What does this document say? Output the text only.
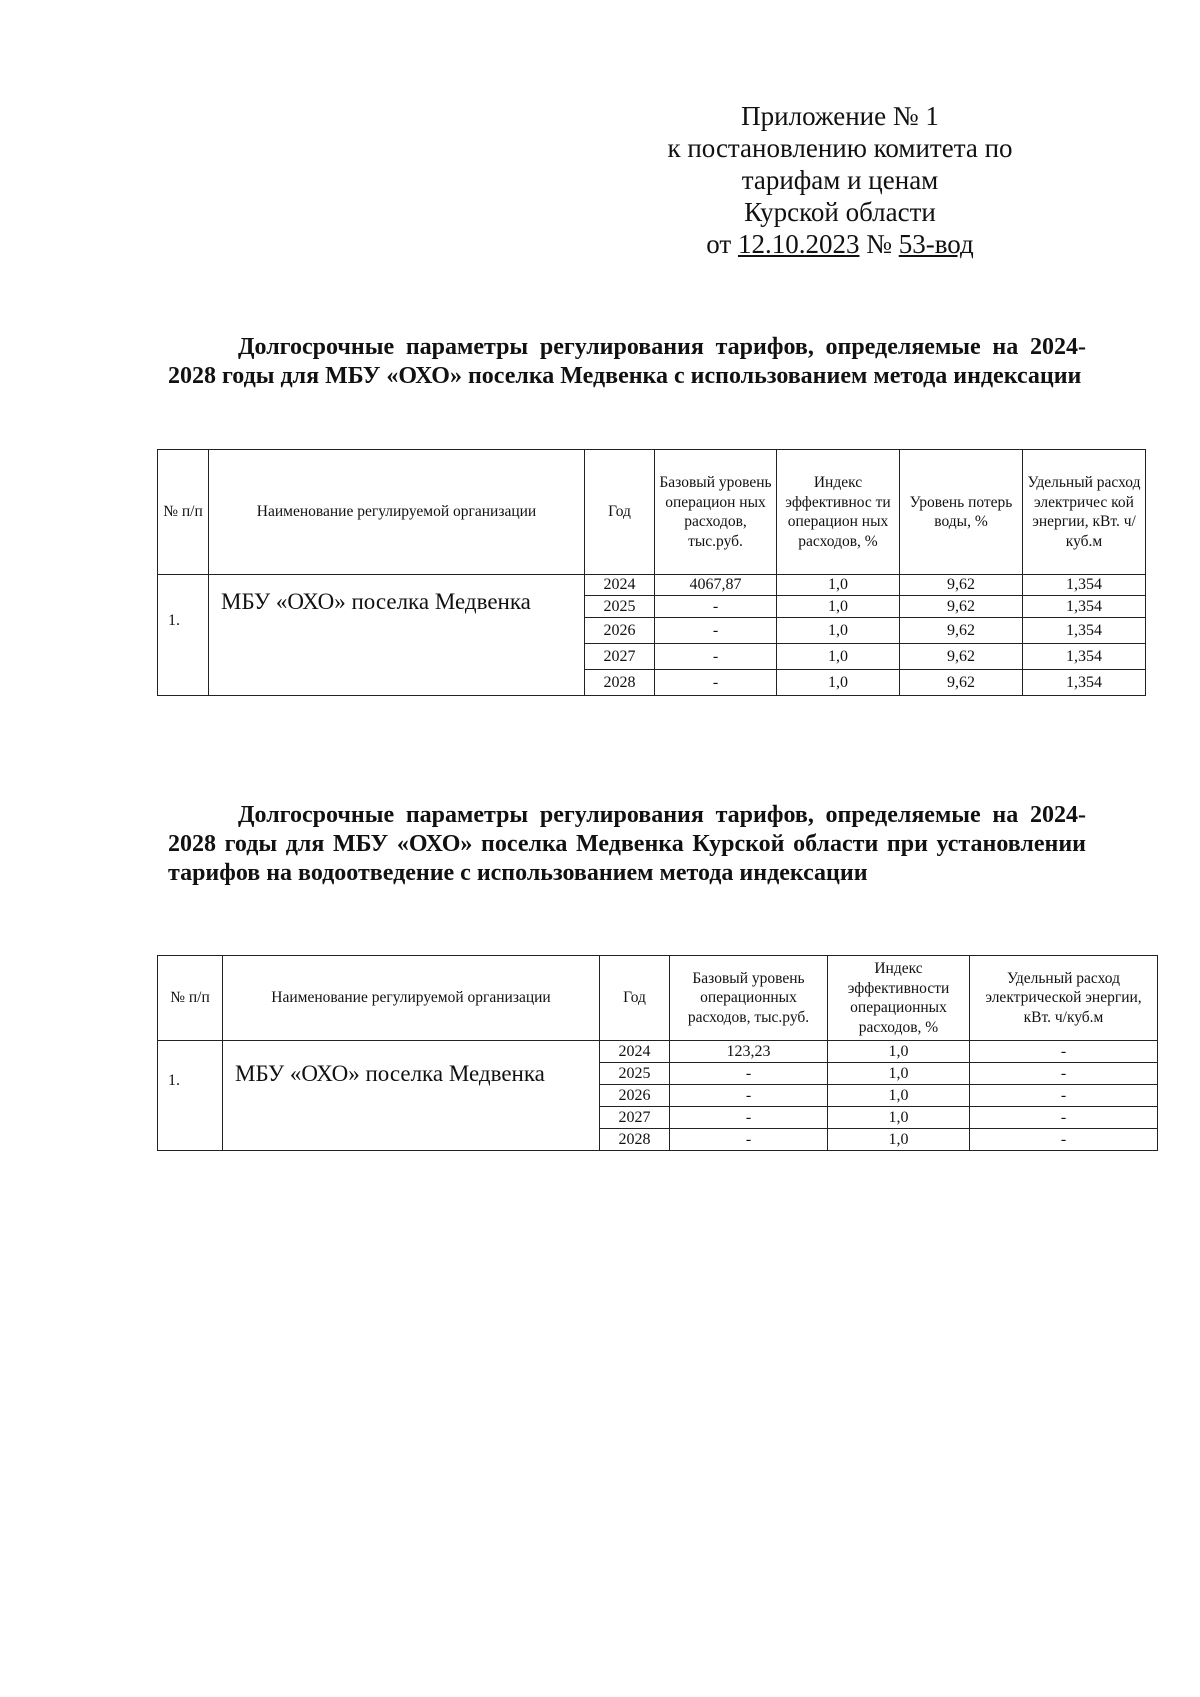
Приложение № 1
к постановлению комитета по
тарифам и ценам
Курской области
от 12.10.2023 № 53-вод
Долгосрочные параметры регулирования тарифов, определяемые на 2024-2028 годы для МБУ «ОХО» поселка Медвенка с использованием метода индексации
№ п/п	Наименование регулируемой организации	Год	Базовый уровень операцион ных расходов, тыс.руб.	Индекс эффективнос ти операцион ных расходов, %	Уровень потерь воды, %	Удельный расход электричес кой энергии, кВт. ч/куб.м
1.	МБУ «ОХО» поселка Медвенка	2024	4067,87	1,0	9,62	1,354
		2025	-	1,0	9,62	1,354
		2026	-	1,0	9,62	1,354
		2027	-	1,0	9,62	1,354
		2028	-	1,0	9,62	1,354
Долгосрочные параметры регулирования тарифов, определяемые на 2024-2028 годы для МБУ «ОХО» поселка Медвенка Курской области при установлении тарифов на водоотведение с использованием метода индексации
№ п/п	Наименование регулируемой организации	Год	Базовый уровень операционных расходов, тыс.руб.	Индекс эффективности операционных расходов, %	Удельный расход электрической энергии, кВт. ч/куб.м
1.	МБУ «ОХО» поселка Медвенка	2024	123,23	1,0	-
		2025	-	1,0	-
		2026	-	1,0	-
		2027	-	1,0	-
		2028	-	1,0	-
